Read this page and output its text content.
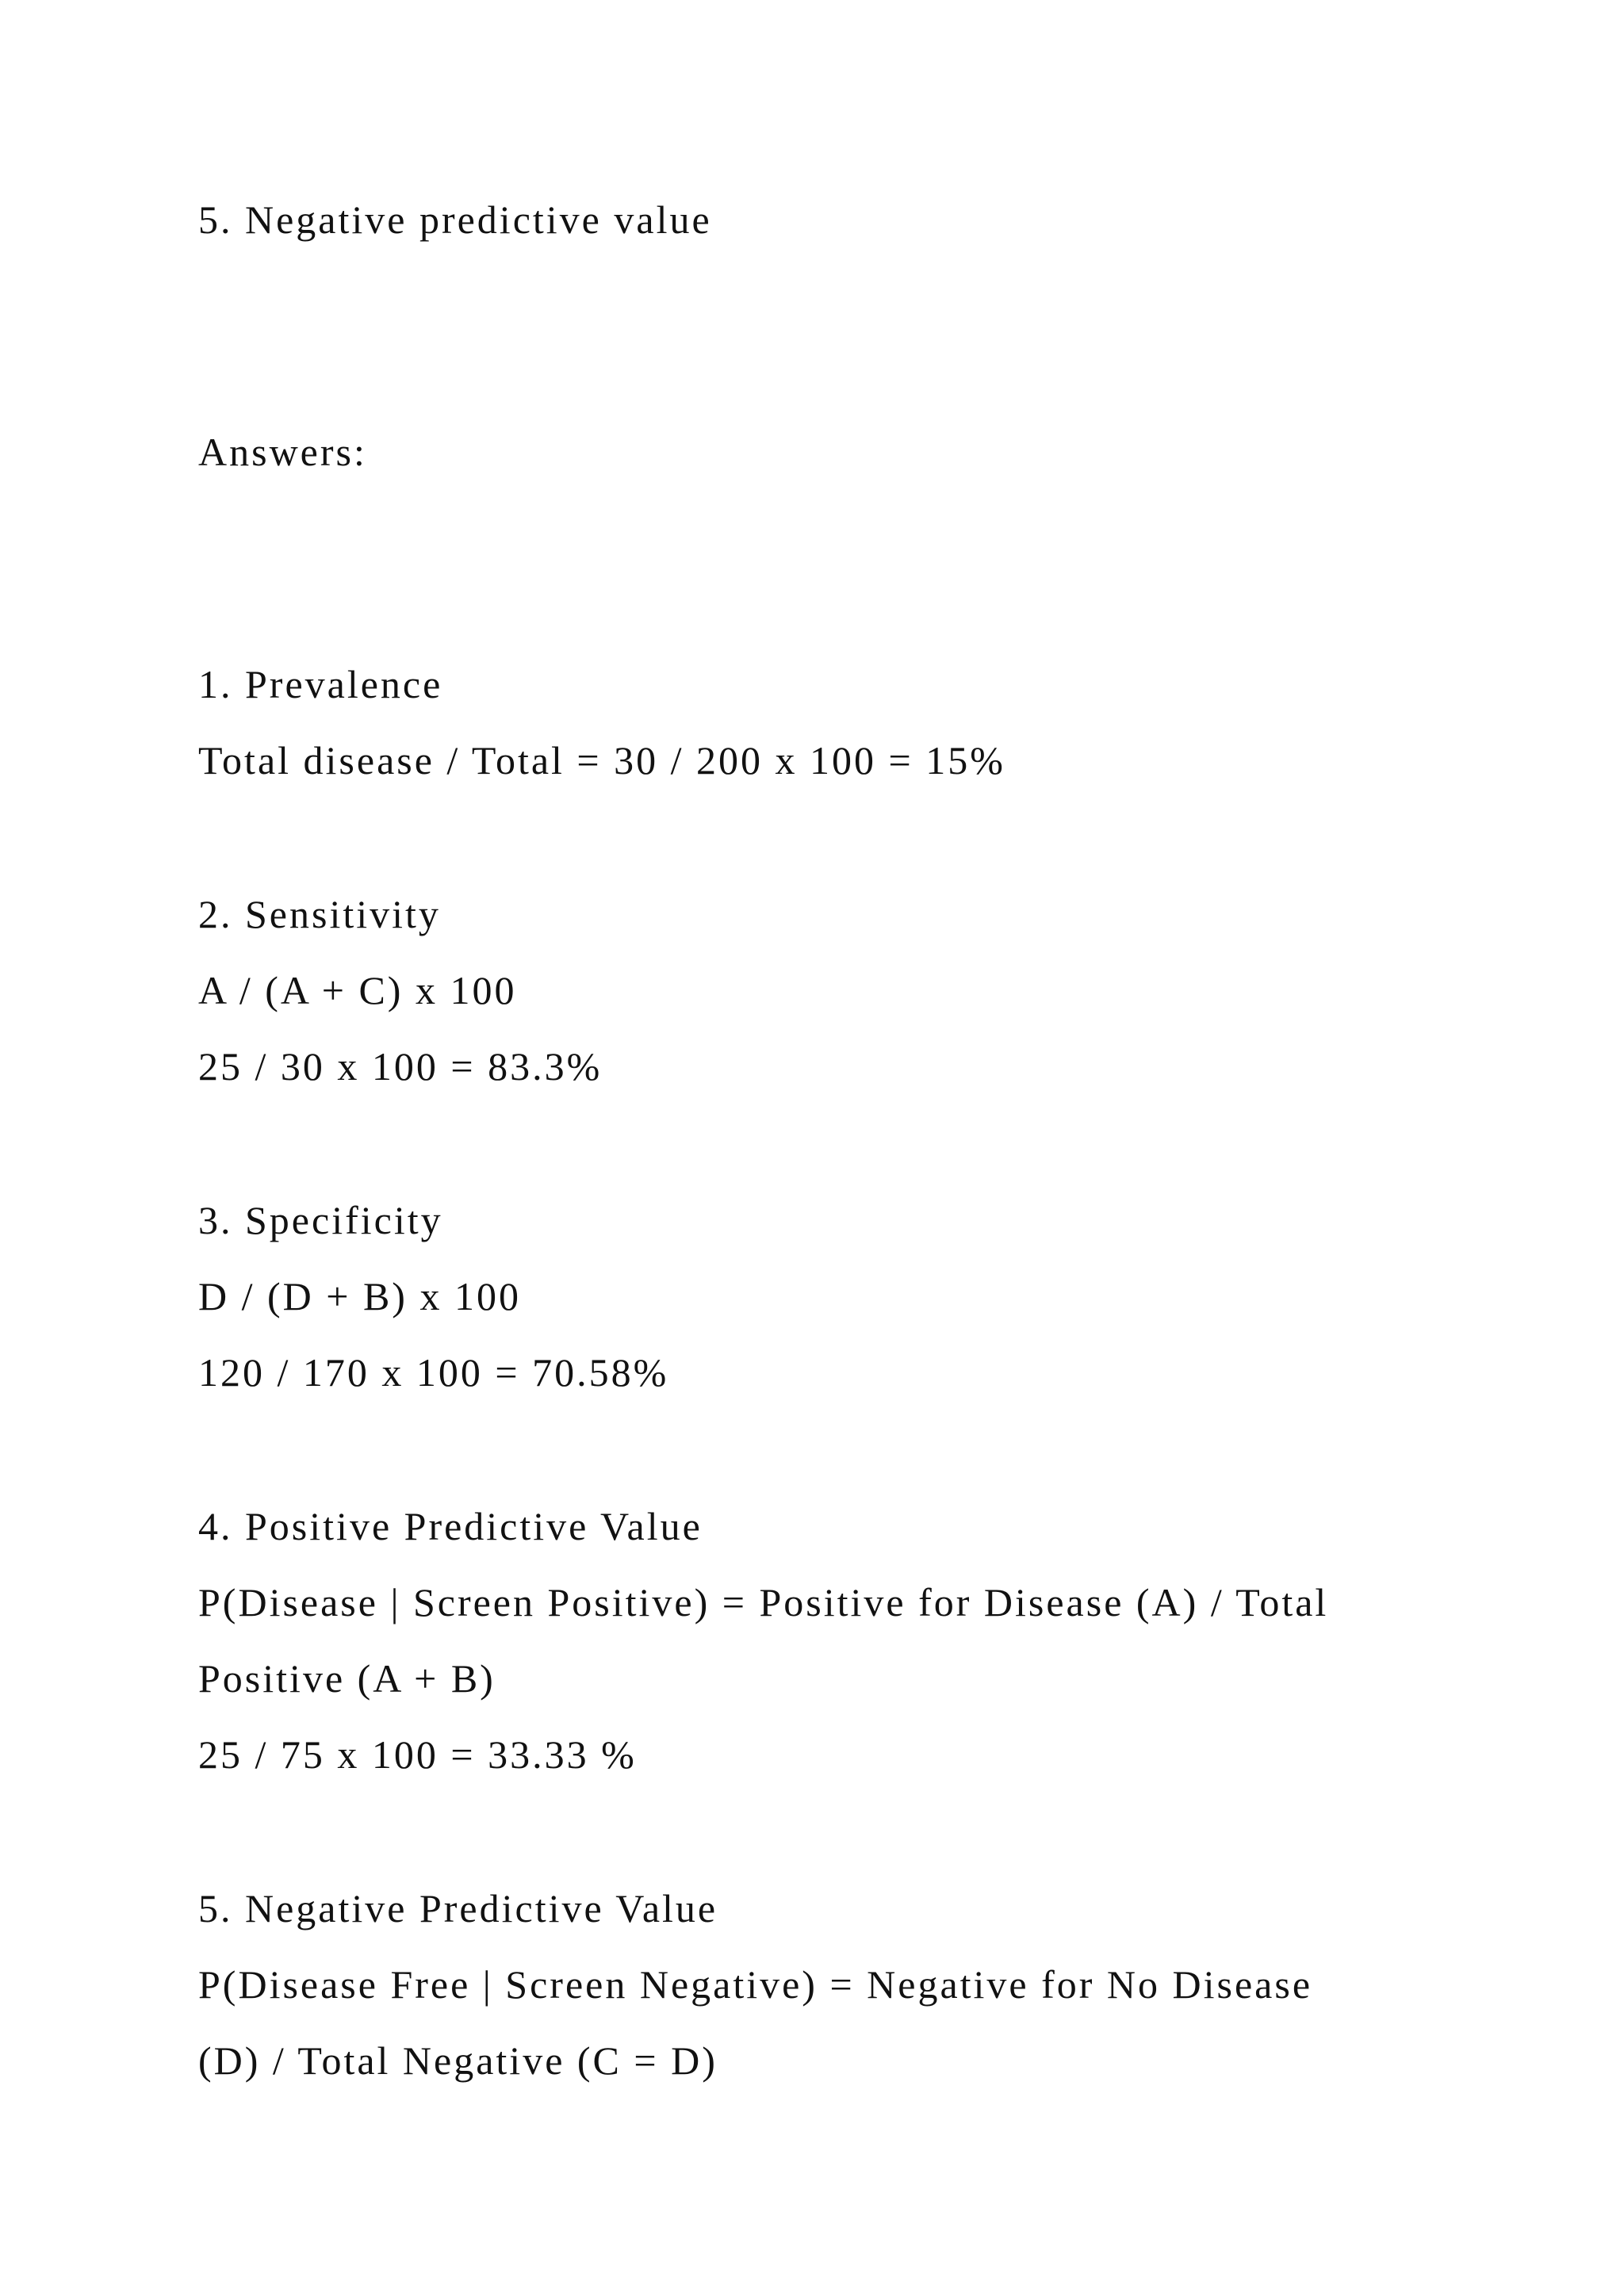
5. Negative predictive value

Answers:

1. Prevalence

Total disease / Total = 30 / 200 x 100 = 15%

2. Sensitivity

A / (A + C) x 100

25 / 30 x 100 = 83.3%

3. Specificity

D / (D + B) x 100

120 / 170 x 100 = 70.58%

4. Positive Predictive Value

P(Disease | Screen Positive) = Positive for Disease (A) / Total

Positive (A + B)

25 / 75 x 100 = 33.33 %

5. Negative Predictive Value

P(Disease Free | Screen Negative) = Negative for No Disease

(D) / Total Negative (C = D)
